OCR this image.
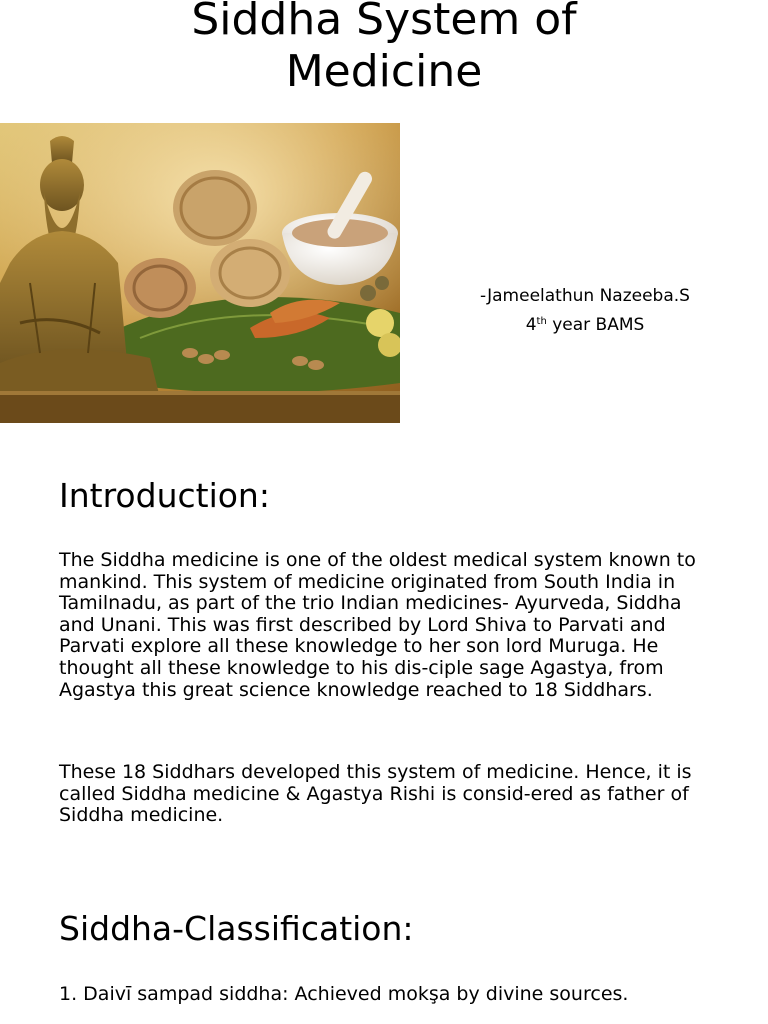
Siddha System of
Medicine
-Jameelathun Nazeeba.S
4th year BAMS
Introduction:

The Siddha medicine is one of the oldest medical system known to mankind. This system of medicine originated from South India in Tamilnadu, as part of the trio Indian medicines- Ayurveda, Siddha and Unani. This was first described by Lord Shiva to Parvati and Parvati explore all these knowledge to her son lord Muruga. He thought all these knowledge to his dis-ciple sage Agastya, from Agastya this great science knowledge reached to 18 Siddhars.

These 18 Siddhars developed this system of medicine. Hence, it is called Siddha medicine & Agastya Rishi is consid-ered as father of Siddha medicine.

Siddha-Classification:

1. Daivī sampad siddha: Achieved mokşa by divine sources.
